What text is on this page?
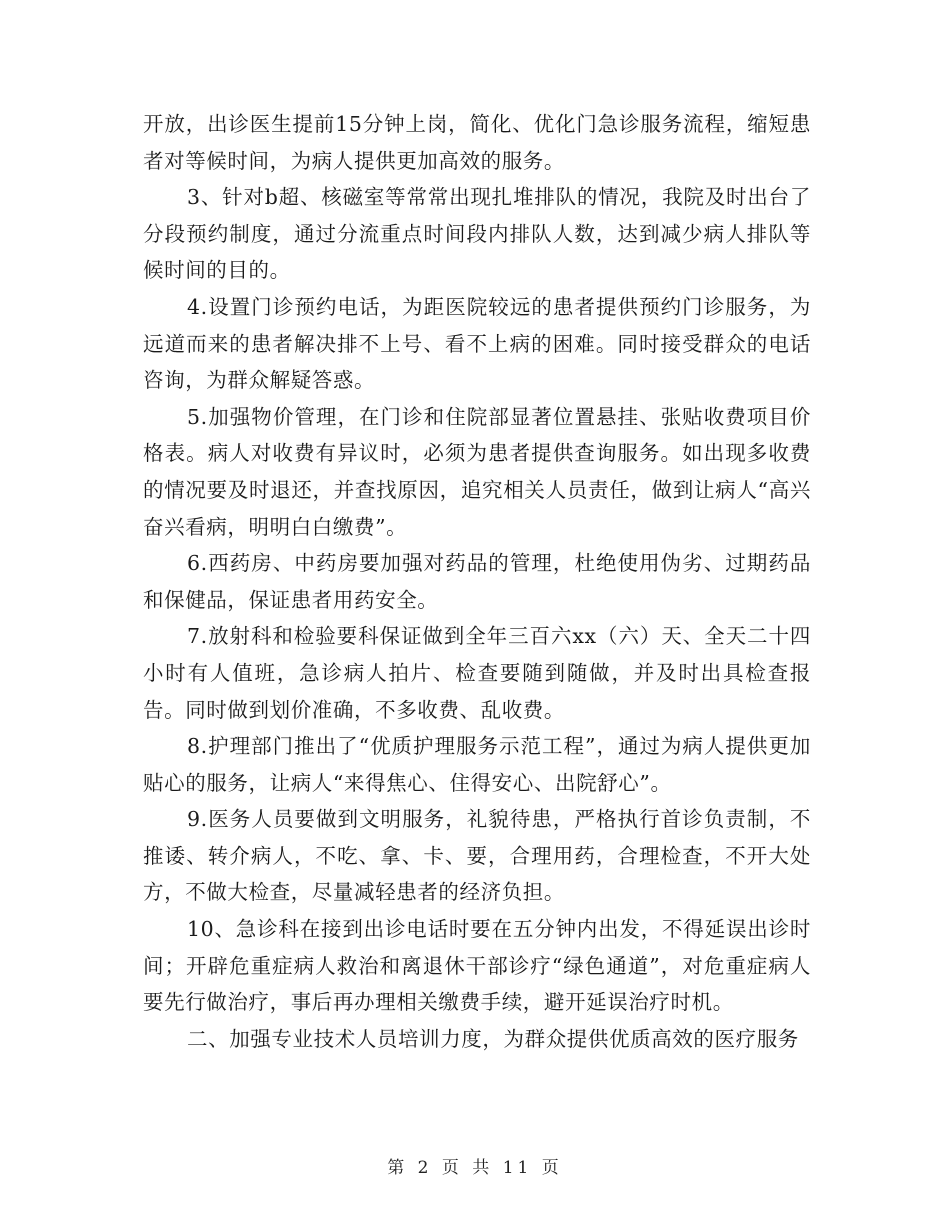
开放，出诊医生提前15分钟上岗，简化、优化门急诊服务流程，缩短患者对等候时间，为病人提供更加高效的服务。

3、针对b超、核磁室等常常出现扎堆排队的情况，我院及时出台了分段预约制度，通过分流重点时间段内排队人数，达到减少病人排队等候时间的目的。

4.设置门诊预约电话，为距医院较远的患者提供预约门诊服务，为远道而来的患者解决排不上号、看不上病的困难。同时接受群众的电话咨询，为群众解疑答惑。

5.加强物价管理，在门诊和住院部显著位置悬挂、张贴收费项目价格表。病人对收费有异议时，必须为患者提供查询服务。如出现多收费的情况要及时退还，并查找原因，追究相关人员责任，做到让病人“高兴奋兴看病，明明白白缴费”。

6.西药房、中药房要加强对药品的管理，杜绝使用伪劣、过期药品和保健品，保证患者用药安全。

7.放射科和检验要科保证做到全年三百六xx（六）天、全天二十四小时有人值班，急诊病人拍片、检查要随到随做，并及时出具检查报告。同时做到划价准确，不多收费、乱收费。

8.护理部门推出了“优质护理服务示范工程”，通过为病人提供更加贴心的服务，让病人“来得焦心、住得安心、出院舒心”。

9.医务人员要做到文明服务，礼貌待患，严格执行首诊负责制，不推诿、转介病人，不吃、拿、卡、要，合理用药，合理检查，不开大处方，不做大检查，尽量减轻患者的经济负担。

10、急诊科在接到出诊电话时要在五分钟内出发，不得延误出诊时间；开辟危重症病人救治和离退休干部诊疗“绿色通道”，对危重症病人要先行做治疗，事后再办理相关缴费手续，避开延误治疗时机。

二、加强专业技术人员培训力度，为群众提供优质高效的医疗服务

第 2 页 共 11 页
